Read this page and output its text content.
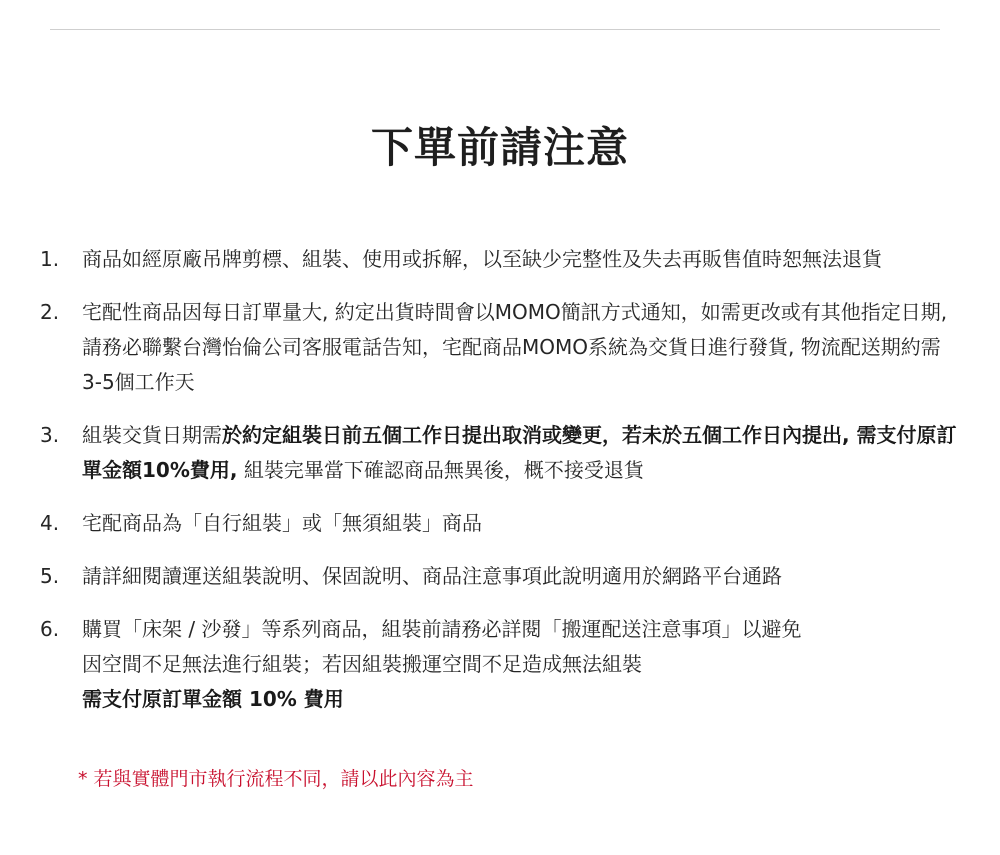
下單前請注意
1.	商品如經原廠吊牌剪標、組裝、使用或拆解，以至缺少完整性及失去再販售值時恕無法退貨
2.	宅配性商品因每日訂單量大, 約定出貨時間會以MOMO簡訊方式通知，如需更改或有其他指定日期, 請務必聯繫台灣怡倫公司客服電話告知，宅配商品MOMO系統為交貨日進行發貨, 物流配送期約需3-5個工作天
3.	組裝交貨日期需於約定組裝日前五個工作日提出取消或變更，若未於五個工作日內提出, 需支付原訂單金額10%費用, 組裝完畢當下確認商品無異後，概不接受退貨
4.	宅配商品為「自行組裝」或「無須組裝」商品
5.	請詳細閱讀運送組裝說明、保固說明、商品注意事項此說明適用於網路平台通路
6.	購買「床架 / 沙發」等系列商品，組裝前請務必詳閱「搬運配送注意事項」以避免
因空間不足無法進行組裝；若因組裝搬運空間不足造成無法組裝
需支付原訂單金額 10% 費用
* 若與實體門市執行流程不同，請以此內容為主
